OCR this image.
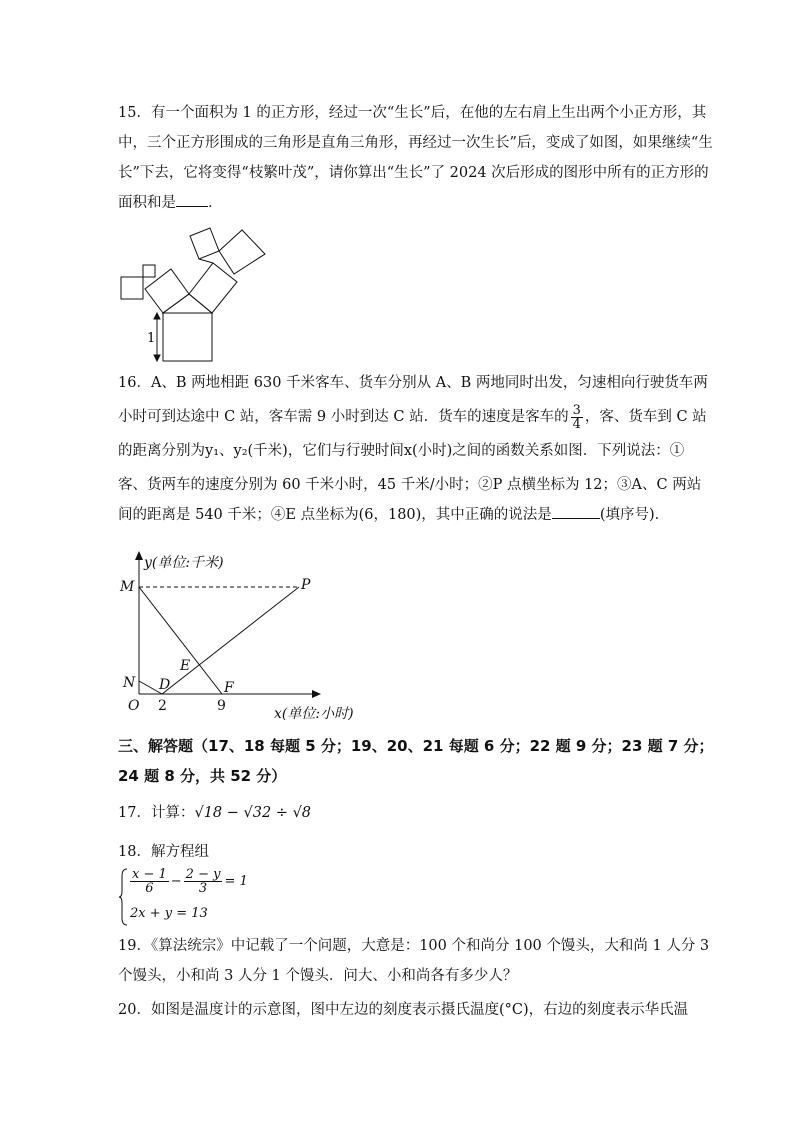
15．有一个面积为 1 的正方形，经过一次“生长”后，在他的左右肩上生出两个小正方形，其
中，三个正方形围成的三角形是直角三角形，再经过一次生长”后，变成了如图，如果继续“生
长”下去，它将变得“枝繁叶茂”，请你算出“生长”了 2024 次后形成的图形中所有的正方形的
面积和是 ．
1
16．A、B 两地相距 630 千米客车、货车分别从 A、B 两地同时出发，匀速相向行驶货车两
小时可到达途中 C 站，客车需 9 小时到达 C 站．货车的速度是客车的 $\frac{3}{4}$ ，客、货车到 C 站
的距离分别为y₁、y₂(千米)，它们与行驶时间x(小时)之间的函数关系如图．下列说法：①
客、货两车的速度分别为 60 千米小时，45 千米/小时；②P 点横坐标为 12；③A、C 两站
间的距离是 540 千米；④E 点坐标为(6，180)，其中正确的说法是	(填序号)．
y(单位:千米)
M	P
E
N D	F
O	x(单位:小时)
2	9
三、解答题（17、18 每题 5 分；19、20、21 每题 6 分；22 题 9 分；23 题 7 分；
24 题 8 分，共 52 分）
17．计算：√18 − √32 ÷ √8
18．解方程组
$\frac{x - 1}{6} - \frac{2 - y}{3} = 1$
2x + y = 13
19．《算法统宗》中记载了一个问题，大意是：100 个和尚分 100 个馒头，大和尚 1 人分 3
个馒头，小和尚 3 人分 1 个馒头．问大、小和尚各有多少人？
20．如图是温度计的示意图，图中左边的刻度表示摄氏温度(°C)，右边的刻度表示华氏温
